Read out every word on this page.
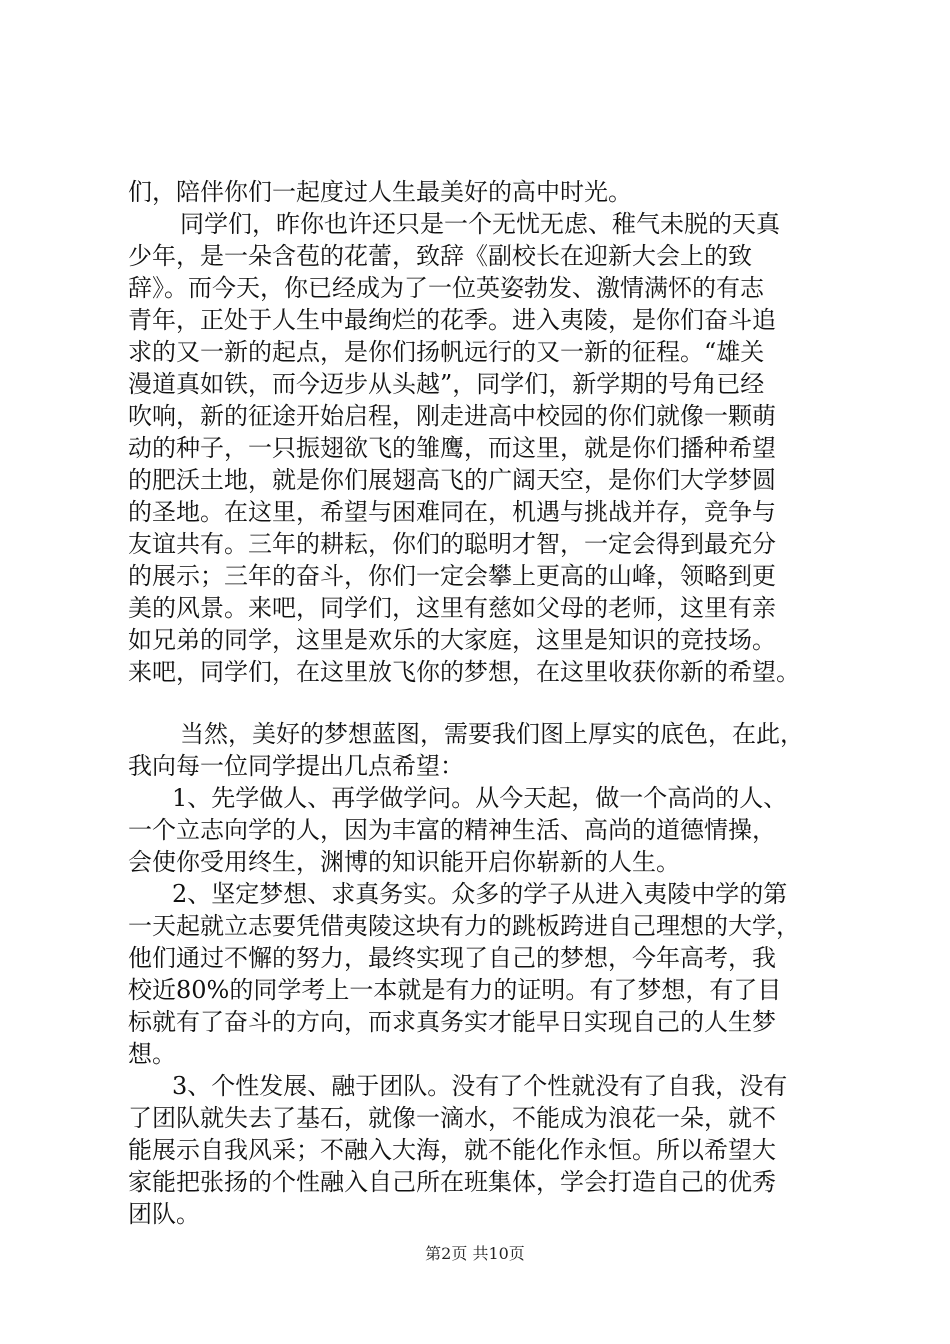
们，陪伴你们一起度过人生最美好的高中时光。

同学们，昨你也许还只是一个无忧无虑、稚气未脱的天真
少年，是一朵含苞的花蕾，致辞《副校长在迎新大会上的致
辞》。而今天，你已经成为了一位英姿勃发、激情满怀的有志
青年，正处于人生中最绚烂的花季。进入夷陵，是你们奋斗追
求的又一新的起点，是你们扬帆远行的又一新的征程。“雄关
漫道真如铁，而今迈步从头越”，同学们，新学期的号角已经
吹响，新的征途开始启程，刚走进高中校园的你们就像一颗萌
动的种子，一只振翅欲飞的雏鹰，而这里，就是你们播种希望
的肥沃土地，就是你们展翅高飞的广阔天空，是你们大学梦圆
的圣地。在这里，希望与困难同在，机遇与挑战并存，竞争与
友谊共有。三年的耕耘，你们的聪明才智，一定会得到最充分
的展示；三年的奋斗，你们一定会攀上更高的山峰，领略到更
美的风景。来吧，同学们，这里有慈如父母的老师，这里有亲
如兄弟的同学，这里是欢乐的大家庭，这里是知识的竞技场。
来吧，同学们，在这里放飞你的梦想，在这里收获你新的希望。

当然，美好的梦想蓝图，需要我们图上厚实的底色，在此，
我向每一位同学提出几点希望：

1、先学做人、再学做学问。从今天起，做一个高尚的人、
一个立志向学的人，因为丰富的精神生活、高尚的道德情操，
会使你受用终生，渊博的知识能开启你崭新的人生。

2、坚定梦想、求真务实。众多的学子从进入夷陵中学的第
一天起就立志要凭借夷陵这块有力的跳板跨进自己理想的大学，
他们通过不懈的努力，最终实现了自己的梦想，今年高考，我
校近80%的同学考上一本就是有力的证明。有了梦想，有了目
标就有了奋斗的方向，而求真务实才能早日实现自己的人生梦
想。

3、个性发展、融于团队。没有了个性就没有了自我，没有
了团队就失去了基石，就像一滴水，不能成为浪花一朵，就不
能展示自我风采；不融入大海，就不能化作永恒。所以希望大
家能把张扬的个性融入自己所在班集体，学会打造自己的优秀
团队。

第2页 共10页
